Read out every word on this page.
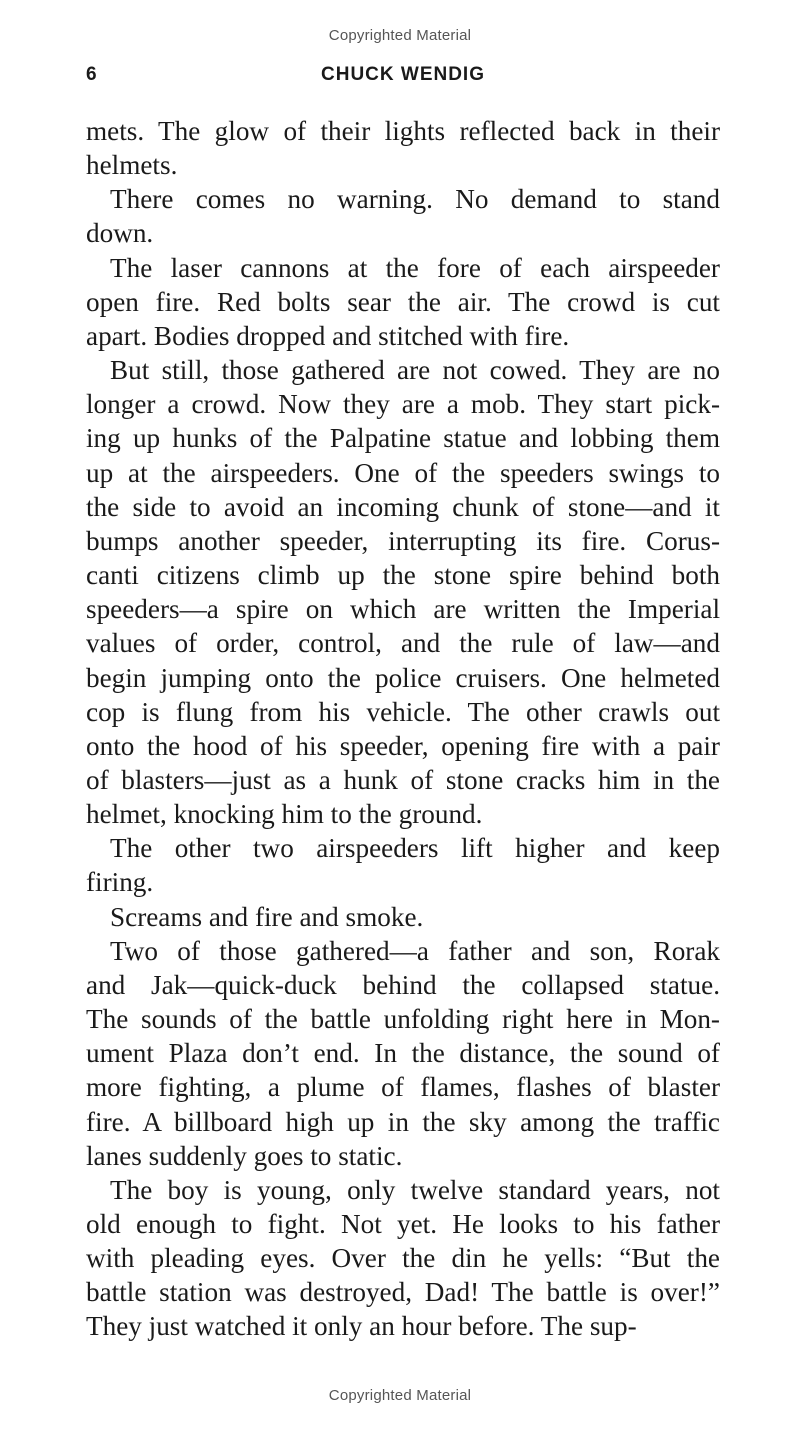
Copyrighted Material
6	CHUCK WENDIG
mets. The glow of their lights reflected back in their
helmets.
There comes no warning. No demand to stand
down.
The laser cannons at the fore of each airspeeder
open fire. Red bolts sear the air. The crowd is cut
apart. Bodies dropped and stitched with fire.
But still, those gathered are not cowed. They are no
longer a crowd. Now they are a mob. They start pick-
ing up hunks of the Palpatine statue and lobbing them
up at the airspeeders. One of the speeders swings to
the side to avoid an incoming chunk of stone—and it
bumps another speeder, interrupting its fire. Corus-
canti citizens climb up the stone spire behind both
speeders—a spire on which are written the Imperial
values of order, control, and the rule of law—and
begin jumping onto the police cruisers. One helmeted
cop is flung from his vehicle. The other crawls out
onto the hood of his speeder, opening fire with a pair
of blasters—just as a hunk of stone cracks him in the
helmet, knocking him to the ground.
The other two airspeeders lift higher and keep
firing.
Screams and fire and smoke.
Two of those gathered—a father and son, Rorak
and Jak—quick-duck behind the collapsed statue.
The sounds of the battle unfolding right here in Mon-
ument Plaza don’t end. In the distance, the sound of
more fighting, a plume of flames, flashes of blaster
fire. A billboard high up in the sky among the traffic
lanes suddenly goes to static.
The boy is young, only twelve standard years, not
old enough to fight. Not yet. He looks to his father
with pleading eyes. Over the din he yells: “But the
battle station was destroyed, Dad! The battle is over!”
They just watched it only an hour before. The sup-
Copyrighted Material
